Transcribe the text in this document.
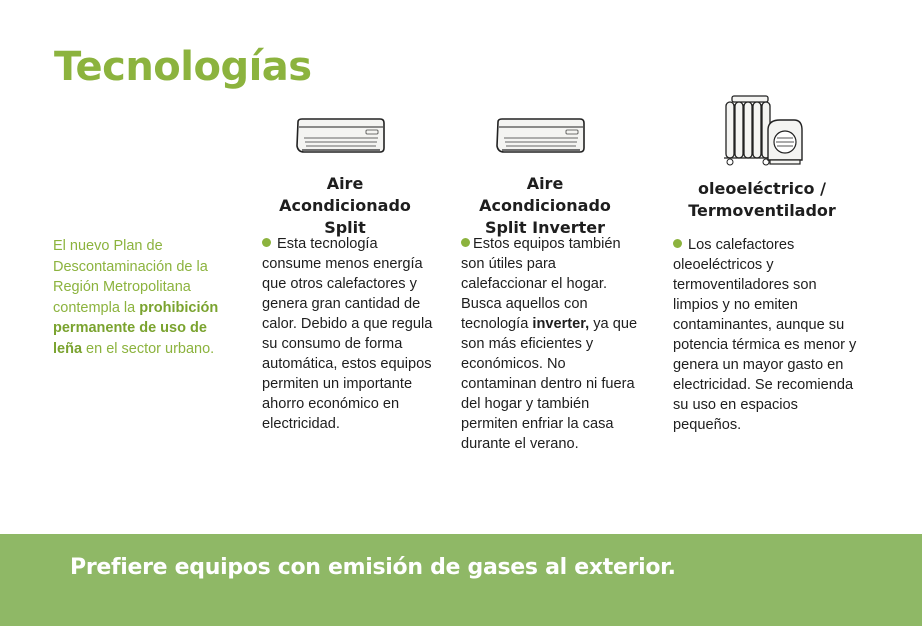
Tecnologías
El nuevo Plan de Descontaminación de la Región Metropolitana contempla la prohibición permanente de uso de leña en el sector urbano.
Aire Acondicionado
Split
Esta tecnología consume menos energía que otros calefactores y genera gran cantidad de calor. Debido a que regula su consumo de forma automática, estos equipos permiten un importante ahorro económico en electricidad.
Aire Acondicionado
Split Inverter
Estos equipos también son útiles para calefaccionar el hogar. Busca aquellos con tecnología inverter, ya que son más eficientes y económicos. No contaminan dentro ni fuera del hogar y también permiten enfriar la casa durante el verano.
oleoeléctrico /
Termoventilador
Los calefactores oleoeléctricos y termoventiladores son limpios y no emiten contaminantes, aunque su potencia térmica es menor y genera un mayor gasto en electricidad. Se recomienda su uso en espacios pequeños.

Prefiere equipos con emisión de gases al exterior.
